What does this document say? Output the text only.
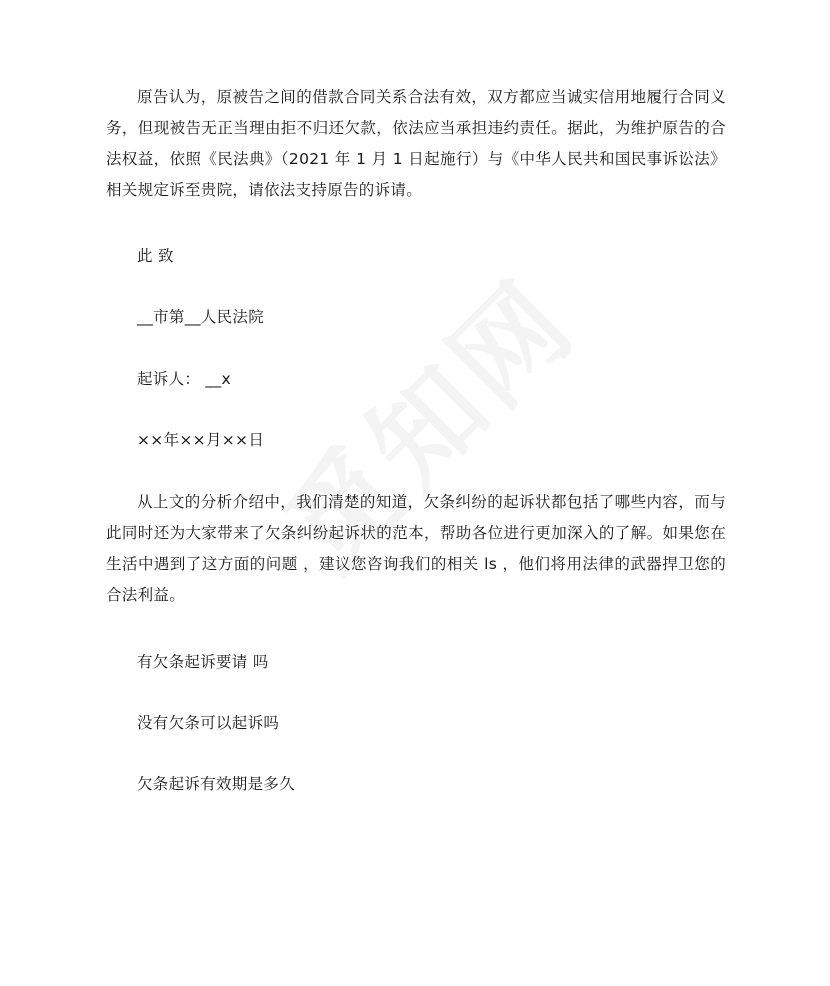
原告认为，原被告之间的借款合同关系合法有效，双方都应当诚实信用地履行合同义务，但现被告无正当理由拒不归还欠款，依法应当承担违约责任。据此，为维护原告的合法权益，依照《民法典》（2021 年 1 月 1 日起施行）与《中华人民共和国民事诉讼法》相关规定诉至贵院，请依法支持原告的诉请。

此 致

__市第__人民法院

起诉人： __x

××年××月××日

从上文的分析介绍中，我们清楚的知道，欠条纠纷的起诉状都包括了哪些内容，而与此同时还为大家带来了欠条纠纷起诉状的范本，帮助各位进行更加深入的了解。如果您在生活中遇到了这方面的问题 ，建议您咨询我们的相关 ls ，他们将用法律的武器捍卫您的合法利益。

有欠条起诉要请 吗

没有欠条可以起诉吗

欠条起诉有效期是多久
